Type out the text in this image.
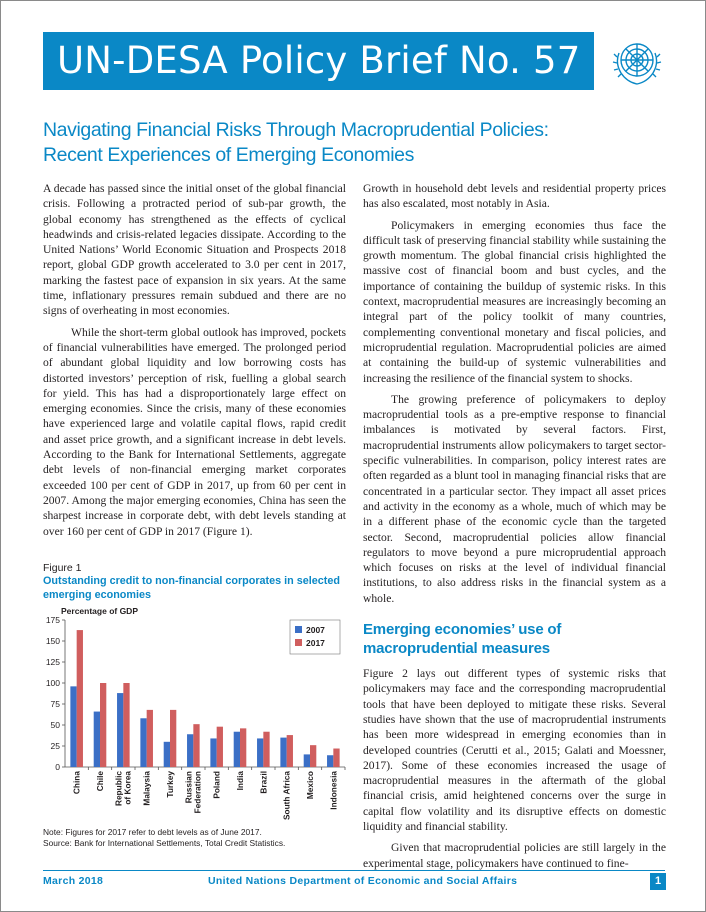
UN-DESA Policy Brief No. 57
Navigating Financial Risks Through Macroprudential Policies:
Recent Experiences of Emerging Economies

A decade has passed since the initial onset of the global financial crisis. Following a protracted period of sub-par growth, the global economy has strengthened as the effects of cyclical headwinds and crisis-related legacies dissipate. According to the United Nations’ World Economic Situation and Prospects 2018 report, global GDP growth accelerated to 3.0 per cent in 2017, marking the fastest pace of expansion in six years. At the same time, inflationary pressures remain subdued and there are no signs of overheating in most economies.

While the short-term global outlook has improved, pockets of financial vulnerabilities have emerged. The prolonged period of abundant global liquidity and low borrowing costs has distorted investors’ perception of risk, fuelling a global search for yield. This has had a disproportionately large effect on emerging economies. Since the crisis, many of these economies have experienced large and volatile capital flows, rapid credit and asset price growth, and a significant increase in debt levels. According to the Bank for International Settlements, aggregate debt levels of non-financial emerging market corporates exceeded 100 per cent of GDP in 2017, up from 60 per cent in 2007. Among the major emerging economies, China has seen the sharpest increase in corporate debt, with debt levels standing at over 160 per cent of GDP in 2017 (Figure 1).

Growth in household debt levels and residential property prices has also escalated, most notably in Asia.

Policymakers in emerging economies thus face the difficult task of preserving financial stability while sustaining the growth momentum. The global financial crisis highlighted the massive cost of financial boom and bust cycles, and the importance of containing the buildup of systemic risks. In this context, macroprudential measures are increasingly becoming an integral part of the policy toolkit of many countries, complementing conventional monetary and fiscal policies, and microprudential regulation. Macroprudential policies are aimed at containing the build-up of systemic vulnerabilities and increasing the resilience of the financial system to shocks.

The growing preference of policymakers to deploy macroprudential tools as a pre-emptive response to financial imbalances is motivated by several factors. First, macroprudential instruments allow policymakers to target sector-specific vulnerabilities. In comparison, policy interest rates are often regarded as a blunt tool in managing financial risks that are concentrated in a particular sector. They impact all asset prices and activity in the economy as a whole, much of which may be in a different phase of the economic cycle than the targeted sector. Second, macroprudential policies allow financial regulators to move beyond a pure microprudential approach which focuses on risks at the level of individual financial institutions, to also address risks in the financial system as a whole.

Emerging economies’ use of
macroprudential measures

Figure 2 lays out different types of systemic risks that policymakers may face and the corresponding macroprudential tools that have been deployed to mitigate these risks. Several studies have shown that the use of macroprudential instruments has been more widespread in emerging economies than in developed countries (Cerutti et al., 2015; Galati and Moessner, 2017). Some of these economies increased the usage of macroprudential measures in the aftermath of the global financial crisis, amid heightened concerns over the surge in capital flow volatility and its disruptive effects on domestic liquidity and financial stability.

Given that macroprudential policies are still largely in the experimental stage, policymakers have continued to fine-

Figure 1
Outstanding credit to non-financial corporates in selected emerging economies
Percentage of GDP
0
25
50
75
100
125
150
175
China Chile Republicof Korea Malaysia Turkey RussianFederation Poland India Brazil South Africa Mexico Indonesia
2007
2017
Note: Figures for 2017 refer to debt levels as of June 2017.
Source: Bank for International Settlements, Total Credit Statistics.
March 2018	United Nations Department of Economic and Social Affairs	1
